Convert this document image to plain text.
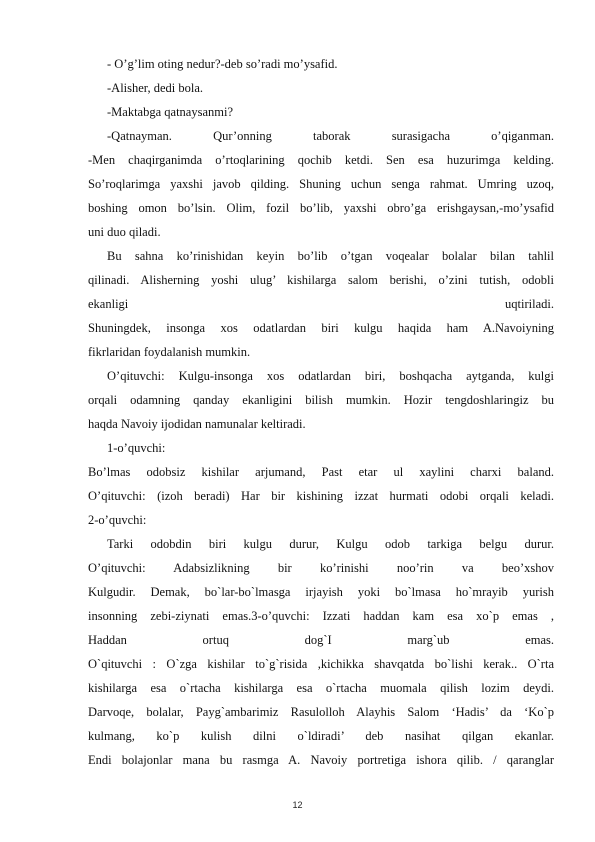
- O’g’lim oting nedur?-deb so’radi mo’ysafid.
-Alisher, dedi bola.
-Maktabga qatnaysanmi?
-Qatnayman. Qur’onning taborak surasigacha o’qiganman.
-Men chaqirganimda o’rtoqlarining qochib ketdi. Sen esa huzurimga kelding.
So’roqlarimga yaxshi javob qilding. Shuning uchun senga rahmat. Umring uzoq,
boshing omon bo’lsin. Olim, fozil bo’lib, yaxshi obro’ga erishgaysan,-mo’ysafid
uni duo qiladi.
Bu sahna ko’rinishidan keyin bo’lib o’tgan voqealar bolalar bilan tahlil
qilinadi. Alisherning yoshi ulug’ kishilarga salom berishi, o’zini tutish, odobli
ekanligi uqtiriladi.
Shuningdek, insonga xos odatlardan biri kulgu haqida ham A.Navoiyning
fikrlaridan foydalanish mumkin.
O’qituvchi: Kulgu-insonga xos odatlardan biri, boshqacha aytganda, kulgi
orqali odamning qanday ekanligini bilish mumkin. Hozir tengdoshlaringiz bu
haqda Navoiy ijodidan namunalar keltiradi.
1-o’quvchi:
Bo’lmas odobsiz kishilar arjumand, Past etar ul xaylini charxi baland.
O’qituvchi: (izoh beradi) Har bir kishining izzat hurmati odobi orqali keladi.
2-o’quvchi:
Tarki odobdin biri kulgu durur, Kulgu odob tarkiga belgu durur.
O’qituvchi: Adabsizlikning bir ko’rinishi noo’rin va beo’xshov
Kulgudir. Demak, bo`lar-bo`lmasga irjayish yoki bo`lmasa ho`mrayib yurish
insonning zebi-ziynati emas.3-o’quvchi: Izzati haddan kam esa xo`p emas ,
Haddan ortuq dog`I marg`ub emas.
O`qituvchi : O`zga kishilar to`g`risida ,kichikka shavqatda bo`lishi kerak.. O`rta
kishilarga esa o`rtacha kishilarga esa o`rtacha muomala qilish lozim deydi.
Darvoqe, bolalar, Payg`ambarimiz Rasulolloh Alayhis Salom ‘Hadis’ da ‘Ko`p
kulmang, ko`p kulish dilni o`ldiradi’ deb nasihat qilgan ekanlar.
Endi bolajonlar mana bu rasmga A. Navoiy portretiga ishora qilib. / qaranglar
12
